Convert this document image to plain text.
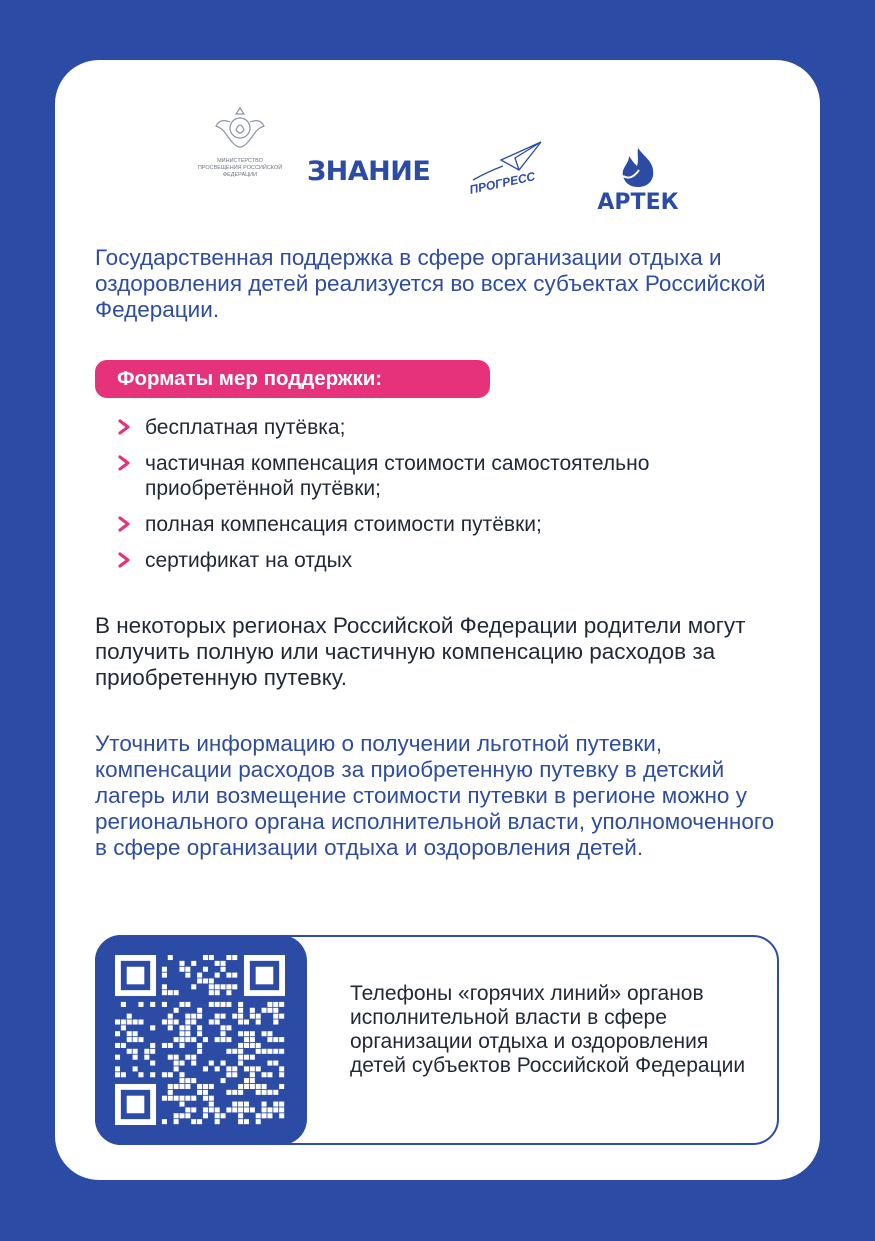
МИНИСТЕРСТВО ПРОСВЕЩЕНИЯ РОССИЙСКОЙ ФЕДЕРАЦИИ	ЗНАНИЕ	ПРОГРЕСС
АРТЕК
Государственная поддержка в сфере организации отдыха и оздоровления детей реализуется во всех субъектах Российской Федерации.
Форматы мер поддержки:
бесплатная путёвка;
частичная компенсация стоимости самостоятельно приобретённой путёвки;
полная компенсация стоимости путёвки;
сертификат на отдых
В некоторых регионах Российской Федерации родители могут получить полную или частичную компенсацию расходов за приобретенную путевку.
Уточнить информацию о получении льготной путевки, компенсации расходов за приобретенную путевку в детский лагерь или возмещение стоимости путевки в регионе можно у регионального органа исполнительной власти, уполномоченного в сфере организации отдыха и оздоровления детей.
Телефоны «горячих линий» органов исполнительной власти в сфере организации отдыха и оздоровления детей субъектов Российской Федерации
